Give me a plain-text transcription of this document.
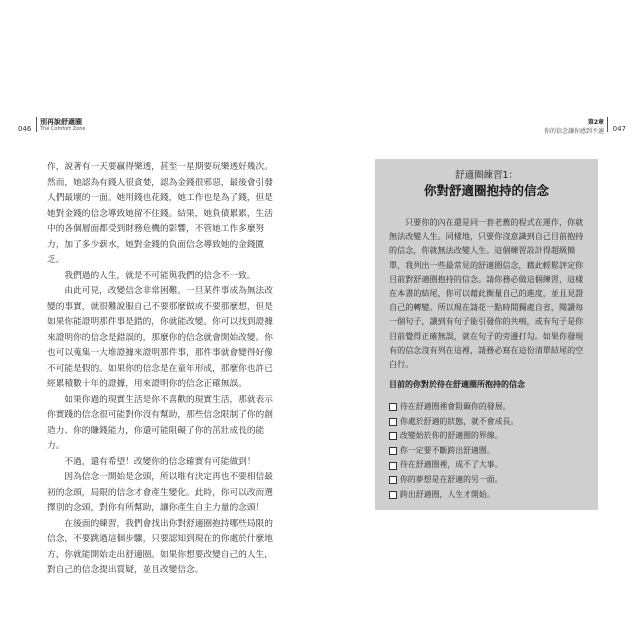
046
別再說舒適圈
The Comfort Zone
第2章
你的信念讓你感到不適 047

作，說著有一天要贏得樂透，甚至一星期要玩樂透好幾次。然而，她認為有錢人很貪婪，認為金錢很邪惡，最後會引發人們最壞的一面。她用錢也花錢，她工作也是為了錢，但是她對金錢的信念導致她留不住錢。結果，她負債累累，生活中的各個層面都受到財務危機的影響，不管她工作多麼努力，加了多少薪水，她對金錢的負面信念導致她的金錢匱乏。

我們過的人生，就是不可能與我們的信念不一致。

由此可見，改變信念非常困難。一旦某件事成為無法改變的事實，就很難說服自己不要那麼做或不要那麼想，但是如果你能證明那件事是錯的，你就能改變。你可以找到證據來證明你的信念是錯誤的，那麼你的信念就會開始改變。你也可以蒐集一大堆證據來證明那件事，那件事就會變得好像不可能是假的。如果你的信念是在童年形成，那麼你也許已經累積數十年的證據，用來證明你的信念正確無誤。

如果你過的現實生活是你不喜歡的現實生活，那就表示你實踐的信念很可能對你沒有幫助，那些信念限制了你的創造力、你的賺錢能力，你還可能阻礙了你的茁壯成長的能力。

不過，還有希望！改變你的信念確實有可能做到！

因為信念一開始是念頭，所以唯有決定再也不要相信最初的念頭，局限的信念才會產生變化。此時，你可以改而選擇別的念頭，對你有所幫助，讓你產生自主力量的念頭！

在後面的練習，我們會找出你對舒適圈抱持哪些局限的信念，不要跳過這個步驟，只要認知到現在的你處於什麼地方，你就能開始走出舒適圈。如果你想要改變自己的人生，對自己的信念提出質疑，並且改變信念。

舒適圈練習1：
你對舒適圈抱持的信念

只要你的內在還是同一套老舊的程式在運作，你就無法改變人生。同樣地，只要你沒意識到自己目前抱持的信念，你就無法改變人生。這個練習設計得超級簡單，我列出一些最常見的舒適圈信念，藉此輕鬆評定你目前對舒適圈抱持的信念。請你務必做這個練習，這樣在本書的結尾，你可以藉此衡量自己的進度，並且見證自己的轉變。所以現在請花一點時間獨處自省，閱讀每一個句子，讀到有句子能引發你的共鳴，或有句子是你目前覺得正確無誤，就在句子的旁邊打勾。如果你發現有的信念沒有列在這裡，請務必寫在這份清單結尾的空白行。

目前的你對於待在舒適圈所抱持的信念
待在舒適圈裡會阻礙你的發展。
你處於舒適的狀態，就不會成長。
改變始於你的舒適圈的界線。
你一定要不斷跨出舒適圈。
待在舒適圈裡，成不了大事。
你的夢想是在舒適的另一面。
跨出舒適圈，人生才開始。
